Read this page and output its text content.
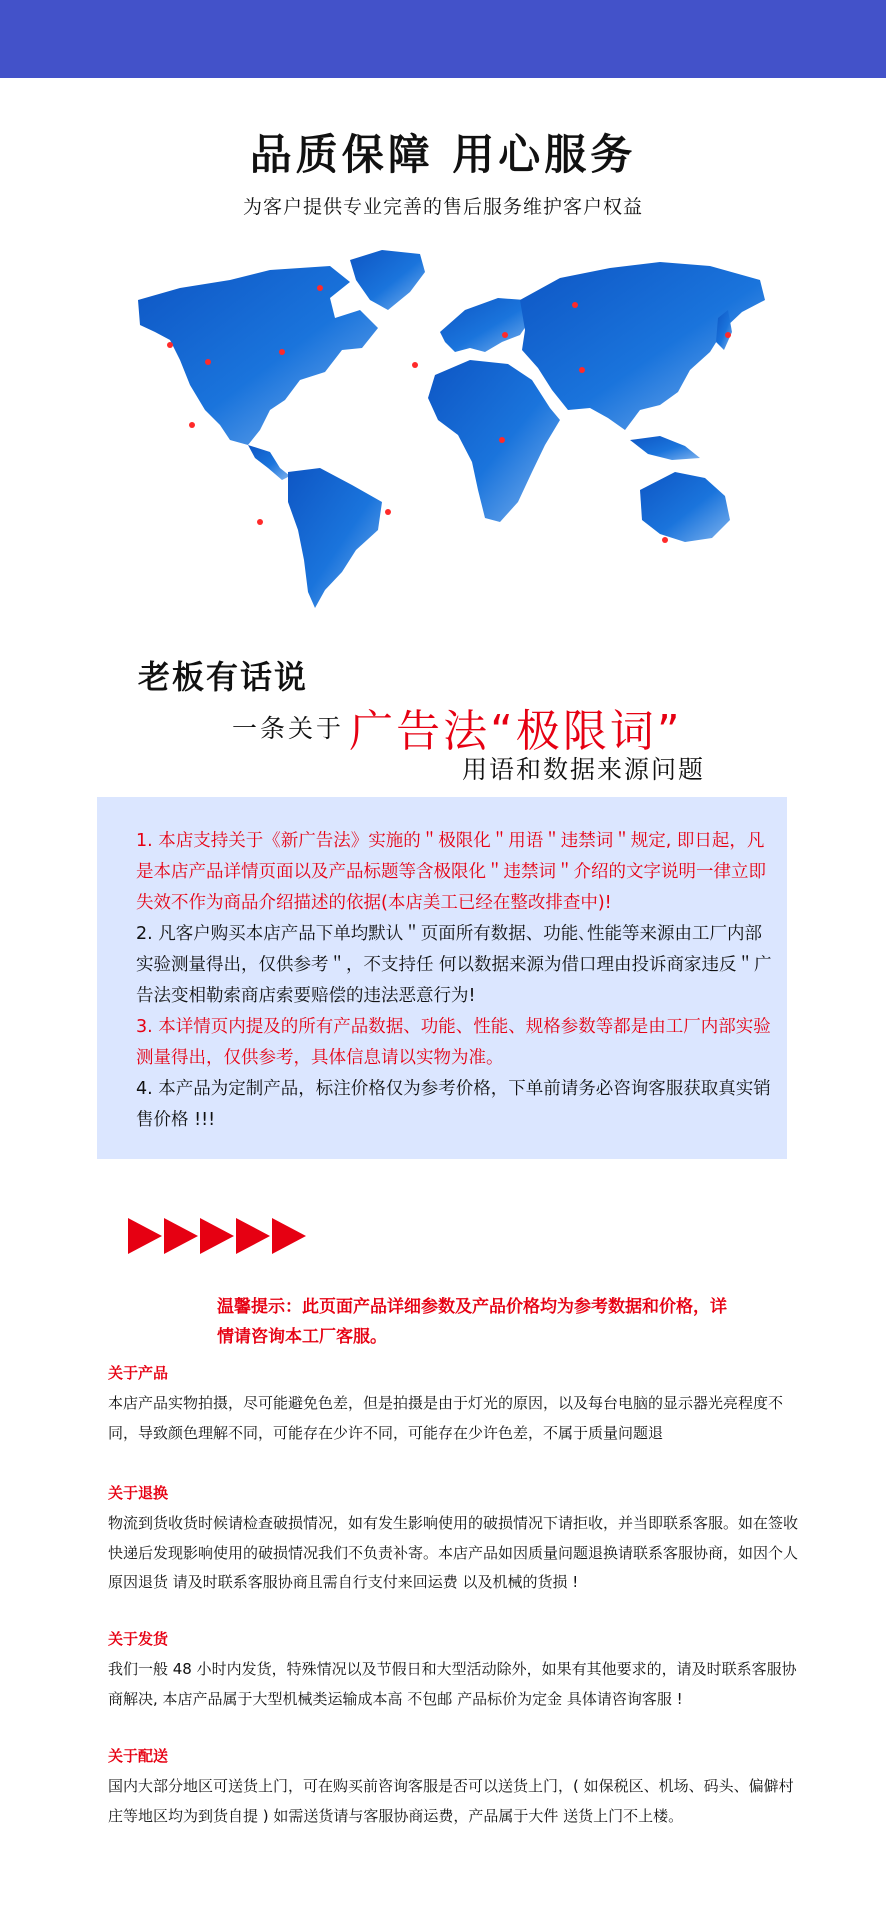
品质保障 用心服务
为客户提供专业完善的售后服务维护客户权益
老板有话说
一条关于 广告法“极限词”
用语和数据来源问题
1. 本店支持关于《新广告法》实施的＂极限化＂用语＂违禁词＂规定, 即日起，凡是本店产品详情页面以及产品标题等含极限化＂违禁词＂介绍的文字说明一律立即失效不作为商品介绍描述的依据(本店美工已经在整改排查中)!
2. 凡客户购买本店产品下单均默认＂页面所有数据、功能､性能等来源由工厂内部实验测量得出，仅供参考＂，不支持任 何以数据来源为借口理由投诉商家违反＂广告法变相勒索商店索要赔偿的违法恶意行为!
3. 本详情页内提及的所有产品数据、功能、性能、规格参数等都是由工厂内部实验测量得出，仅供参考，具体信息请以实物为准。
4. 本产品为定制产品，标注价格仅为参考价格，下单前请务必咨询客服获取真实销售价格 !!!
温馨提示：此页面产品详细参数及产品价格均为参考数据和价格，详情请咨询本工厂客服。
关于产品
本店产品实物拍摄，尽可能避免色差，但是拍摄是由于灯光的原因，以及每台电脑的显示器光亮程度不同，导致颜色理解不同，可能存在少许不同，可能存在少许色差，不属于质量问题退
关于退换
物流到货收货时候请检查破损情况，如有发生影响使用的破损情况下请拒收，并当即联系客服。如在签收快递后发现影响使用的破损情况我们不负责补寄。本店产品如因质量问题退换请联系客服协商，如因个人原因退货 请及时联系客服协商且需自行支付来回运费 以及机械的货损 !
关于发货
我们一般 48 小时内发货，特殊情况以及节假日和大型活动除外，如果有其他要求的，请及时联系客服协商解决, 本店产品属于大型机械类运输成本高 不包邮 产品标价为定金 具体请咨询客服 !
关于配送
国内大部分地区可送货上门，可在购买前咨询客服是否可以送货上门，( 如保税区、机场、码头、偏僻村庄等地区均为到货自提 ) 如需送货请与客服协商运费，产品属于大件 送货上门不上楼。
